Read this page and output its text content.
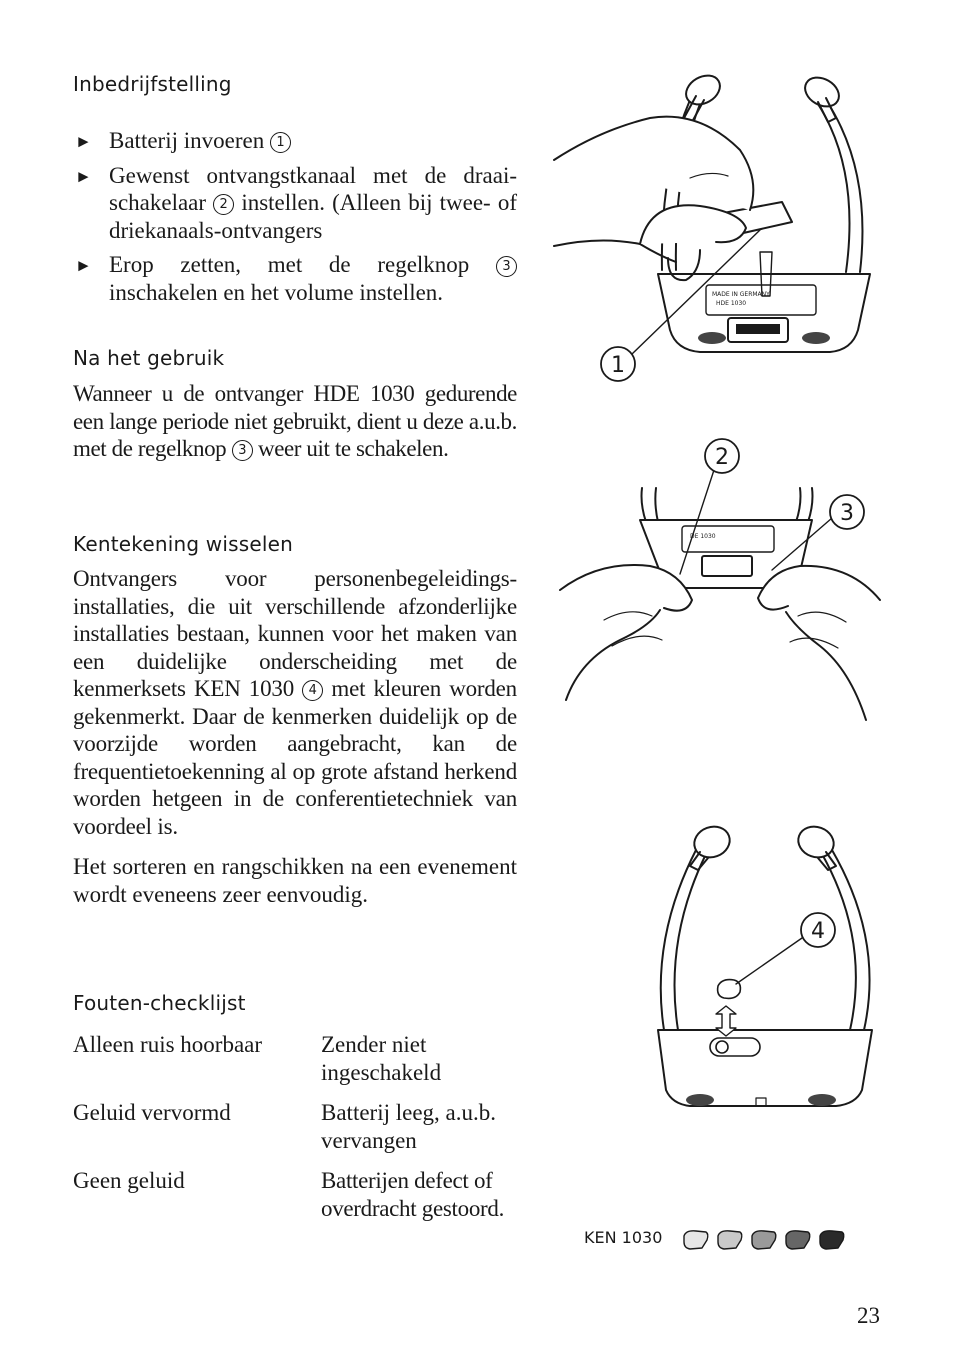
Inbedrijfstelling
► Batterij invoeren 1
► Gewenst ontvangstkanaal met de draai-schakelaar 2 instellen. (Alleen bij twee- of driekanaals-ontvangers
► Erop zetten, met de regelknop	3 inschakelen en het volume instellen.
Na het gebruik
Wanneer u de ontvanger HDE 1030 gedurende een lange periode niet gebruikt, dient u deze a.u.b. met de regelknop 3 weer uit te schakelen.
Kentekening wisselen
Ontvangers voor personenbegeleidings-installaties, die uit verschillende afzonderlijke installaties bestaan, kunnen voor het maken van een duidelijke onderscheiding met de kenmerksets KEN 1030 4 met kleuren worden gekenmerkt. Daar de kenmerken duidelijk op de voorzijde worden aangebracht, kan de frequentietoekenning al op grote afstand herkend worden hetgeen in de conferentietechniek van voordeel is.
Het sorteren en rangschikken na een evenement wordt eveneens zeer eenvoudig.
Fouten-checklijst
Alleen ruis hoorbaar	Zender niet ingeschakeld
Geluid vervormd	Batterij leeg, a.u.b. vervangen
Geen geluid	Batterijen defect of overdracht gestoord.
MADE IN GERMANY
HDE 1030
1
DE 1030
2
3
4
KEN 1030
23
